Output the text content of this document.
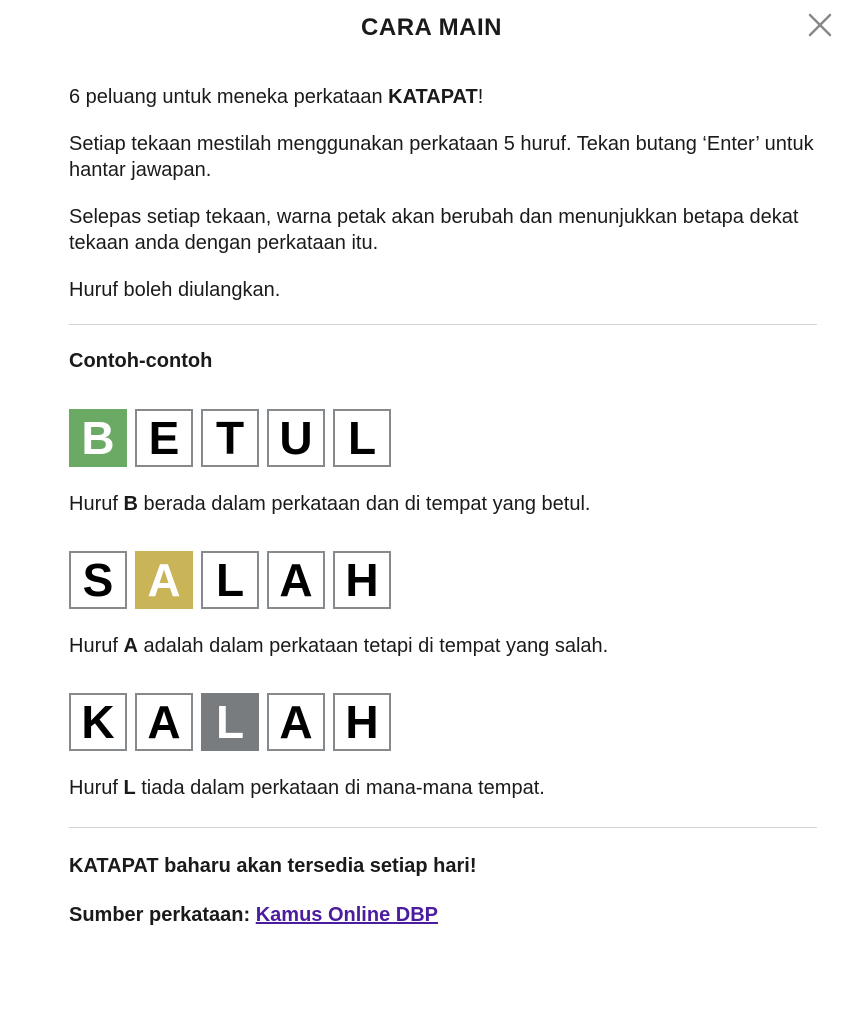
CARA MAIN

6 peluang untuk meneka perkataan KATAPAT!

Setiap tekaan mestilah menggunakan perkataan 5 huruf. Tekan butang ‘Enter’ untuk hantar jawapan.

Selepas setiap tekaan, warna petak akan berubah dan menunjukkan betapa dekat tekaan anda dengan perkataan itu.

Huruf boleh diulangkan.

Contoh-contoh
B E T U L

Huruf B berada dalam perkataan dan di tempat yang betul.

S A L A H

Huruf A adalah dalam perkataan tetapi di tempat yang salah.

K A L A H

Huruf L tiada dalam perkataan di mana-mana tempat.

KATAPAT baharu akan tersedia setiap hari!
Sumber perkataan: Kamus Online DBP
